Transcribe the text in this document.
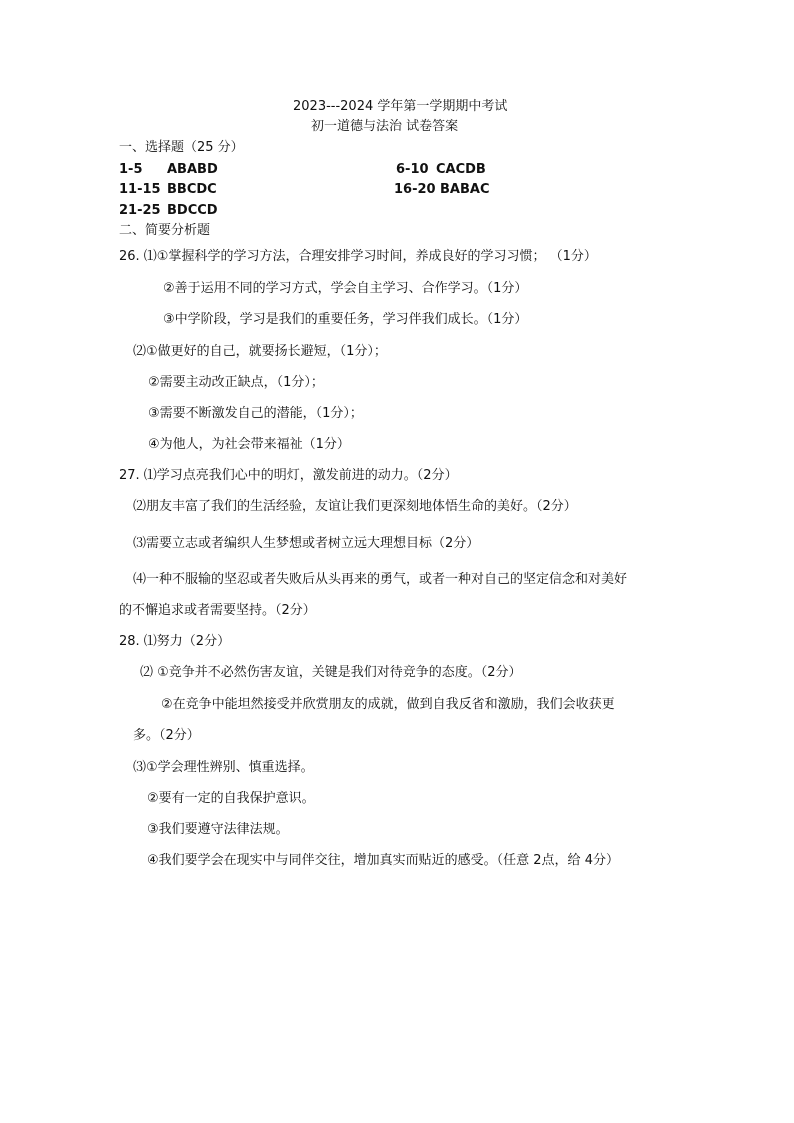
2023---2024 学年第一学期期中考试
初一道德与法治 试卷答案
一、选择题（25 分）
1-5 ABABD	6-10 CACDB
11-15 BBCDC	16-20 BABAC
21-25 BDCCD
二、简要分析题
26. ⑴①掌握科学的学习方法，合理安排学习时间，养成良好的学习习惯； （1分）
②善于运用不同的学习方式，学会自主学习、合作学习。（1分）
③中学阶段，学习是我们的重要任务，学习伴我们成长。（1分）
⑵①做更好的自己，就要扬长避短，（1分）；
②需要主动改正缺点，（1分）；
③需要不断激发自己的潜能，（1分）；
④为他人，为社会带来福祉（1分）
27. ⑴学习点亮我们心中的明灯，激发前进的动力。（2分）
⑵朋友丰富了我们的生活经验，友谊让我们更深刻地体悟生命的美好。（2分）
⑶需要立志或者编织人生梦想或者树立远大理想目标（2分）
⑷一种不服输的坚忍或者失败后从头再来的勇气，或者一种对自己的坚定信念和对美好
的不懈追求或者需要坚持。（2分）
28. ⑴努力（2分）
⑵ ①竞争并不必然伤害友谊，关键是我们对待竞争的态度。（2分）
②在竞争中能坦然接受并欣赏朋友的成就，做到自我反省和激励，我们会收获更
多。（2分）
⑶①学会理性辨别、慎重选择。
②要有一定的自我保护意识。
③我们要遵守法律法规。
④我们要学会在现实中与同伴交往，增加真实而贴近的感受。（任意 2点，给 4分）
